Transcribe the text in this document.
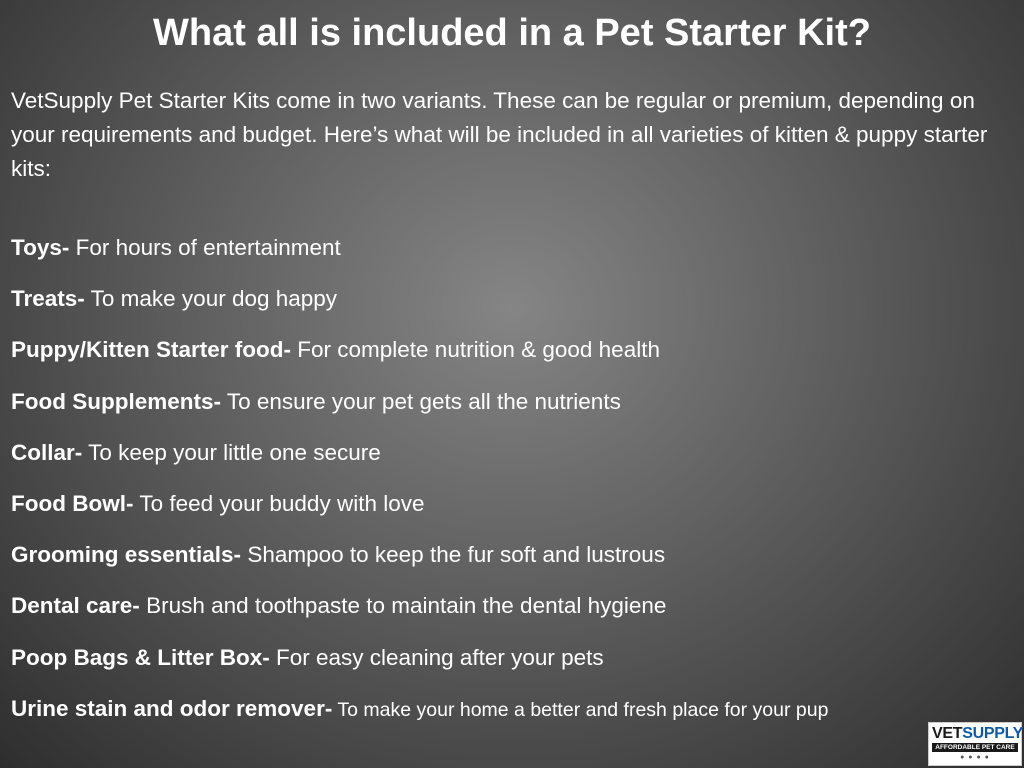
What all is included in a Pet Starter Kit?

VetSupply Pet Starter Kits come in two variants. These can be regular or premium, depending on your requirements and budget. Here’s what will be included in all varieties of kitten & puppy starter kits:

Toys- For hours of entertainment
Treats- To make your dog happy
Puppy/Kitten Starter food- For complete nutrition & good health
Food Supplements- To ensure your pet gets all the nutrients
Collar- To keep your little one secure
Food Bowl- To feed your buddy with love
Grooming essentials- Shampoo to keep the fur soft and lustrous
Dental care- Brush and toothpaste to maintain the dental hygiene
Poop Bags & Litter Box- For easy cleaning after your pets
Urine stain and odor remover- To make your home a better and fresh place for your pup
VETSUPPLY
AFFORDABLE PET CARE
● ● ● ●
